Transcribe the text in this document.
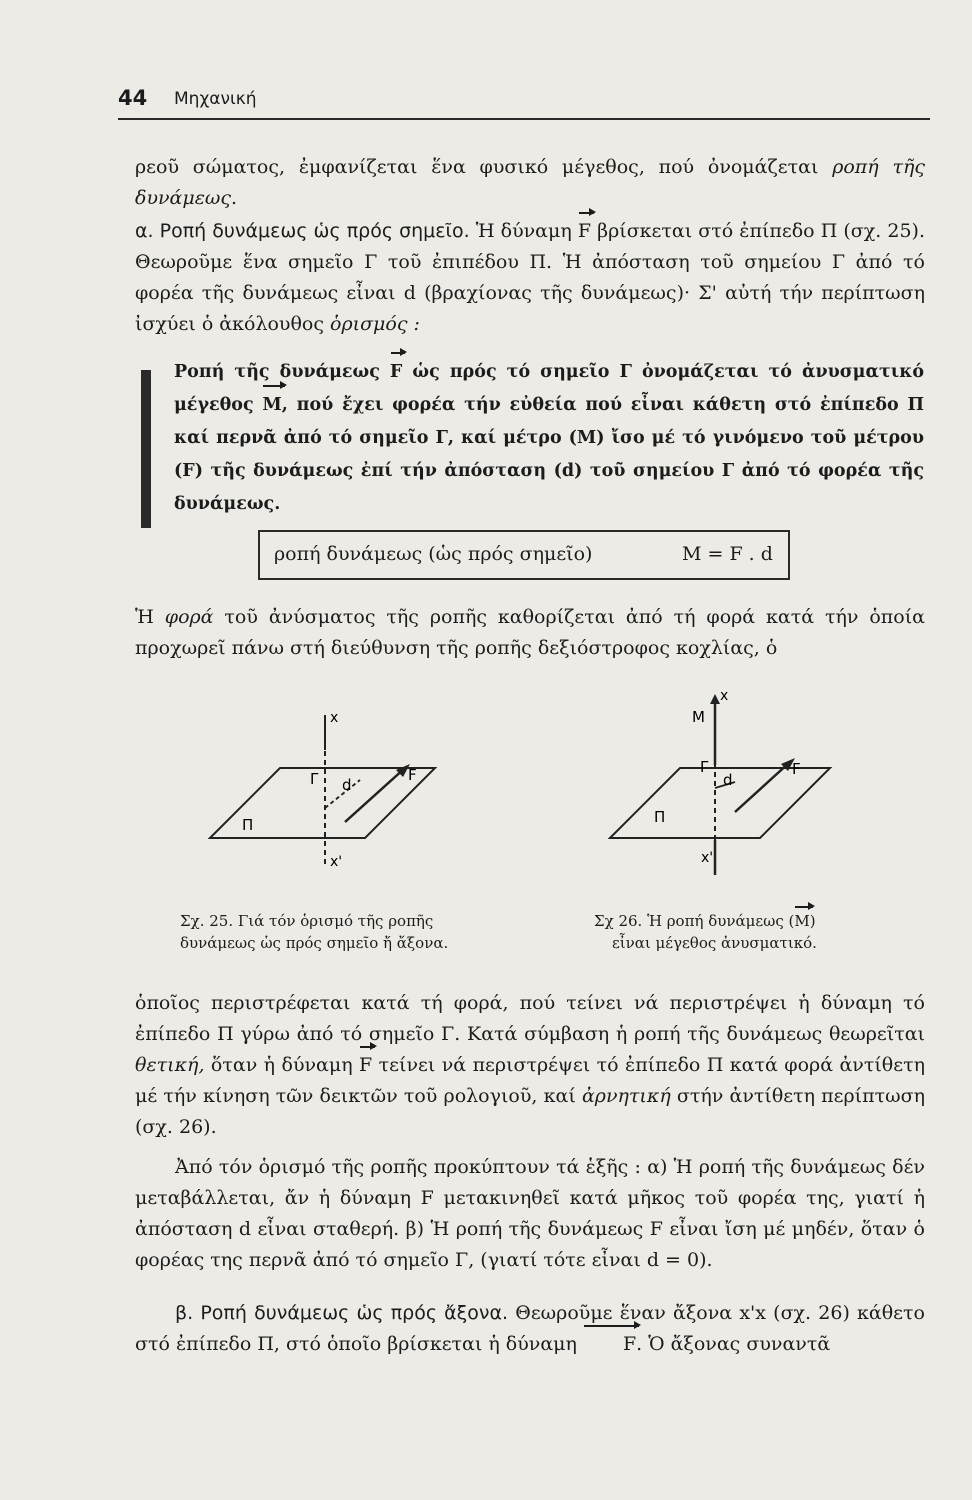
44 Μηχανική
ρεοῦ σώματος, ἐμφανίζεται ἕνα φυσικό μέγεθος, πού ὀνομάζεται ροπή τῆς δυνάμεως.
α. Ροπή δυνάμεως ὡς πρός σημεῖο. Ἡ δύναμη F βρίσκεται στό ἐπίπεδο Π (σχ. 25). Θεωροῦμε ἕνα σημεῖο Γ τοῦ ἐπιπέδου Π. Ἡ ἀπόσταση τοῦ σημείου Γ ἀπό τό φορέα τῆς δυνάμεως εἶναι d (βραχίονας τῆς δυνάμεως)· Σ' αὐτή τήν περίπτωση ἰσχύει ὁ ἀκόλουθος ὁρισμός :
Ροπή τῆς δυνάμεως F ὡς πρός τό σημεῖο Γ ὀνομάζεται τό ἀνυσματικό μέγεθος M, πού ἔχει φορέα τήν εὐθεία πού εἶναι κάθετη στό ἐπίπεδο Π καί περνᾶ ἀπό τό σημεῖο Γ, καί μέτρο (Μ) ἴσο μέ τό γινόμενο τοῦ μέτρου (F) τῆς δυνάμεως ἐπί τήν ἀπόσταση (d) τοῦ σημείου Γ ἀπό τό φορέα τῆς δυνάμεως.
ροπή δυνάμεως (ὡς πρός σημεῖο)	M = F . d
Ἡ φορά τοῦ ἀνύσματος τῆς ροπῆς καθορίζεται ἀπό τή φορά κατά τήν ὁποία προχωρεῖ πάνω στή διεύθυνση τῆς ροπῆς δεξιόστροφος κοχλίας, ὁ
x
x'
Γ d
F
Π
x
M
Γ
d
F
Π
x'
Σχ. 25. Γιά τόν ὁρισμό τῆς ροπῆς
δυνάμεως ὡς πρός σημεῖο ἤ ἄξονα.
Σχ 26. Ἡ ροπή δυνάμεως (M)
εἶναι μέγεθος ἀνυσματικό.
ὁποῖος περιστρέφεται κατά τή φορά, πού τείνει νά περιστρέψει ἡ δύναμη τό ἐπίπεδο Π γύρω ἀπό τό σημεῖο Γ. Κατά σύμβαση ἡ ροπή τῆς δυνάμεως θεωρεῖται θετική, ὅταν ἡ δύναμη F τείνει νά περιστρέψει τό ἐπίπεδο Π κατά φορά ἀντίθετη μέ τήν κίνηση τῶν δεικτῶν τοῦ ρολογιοῦ, καί ἀρνητική στήν ἀντίθετη περίπτωση (σχ. 26).
Ἀπό τόν ὁρισμό τῆς ροπῆς προκύπτουν τά ἑξῆς : α) Ἡ ροπή τῆς δυνάμεως δέν μεταβάλλεται, ἄν ἡ δύναμη F μετακινηθεῖ κατά μῆκος τοῦ φορέα της, γιατί ἡ ἀπόσταση d εἶναι σταθερή. β) Ἡ ροπή τῆς δυνάμεως F εἶναι ἴση μέ μηδέν, ὅταν ὁ φορέας της περνᾶ ἀπό τό σημεῖο Γ, (γιατί τότε εἶναι d = 0).
β. Ροπή δυνάμεως ὡς πρός ἄξονα. Θεωροῦμε ἕναν ἄξονα x'x (σχ. 26) κάθετο στό ἐπίπεδο Π, στό ὁποῖο βρίσκεται ἡ δύναμη F. Ὁ ἄξονας συναντᾶ
